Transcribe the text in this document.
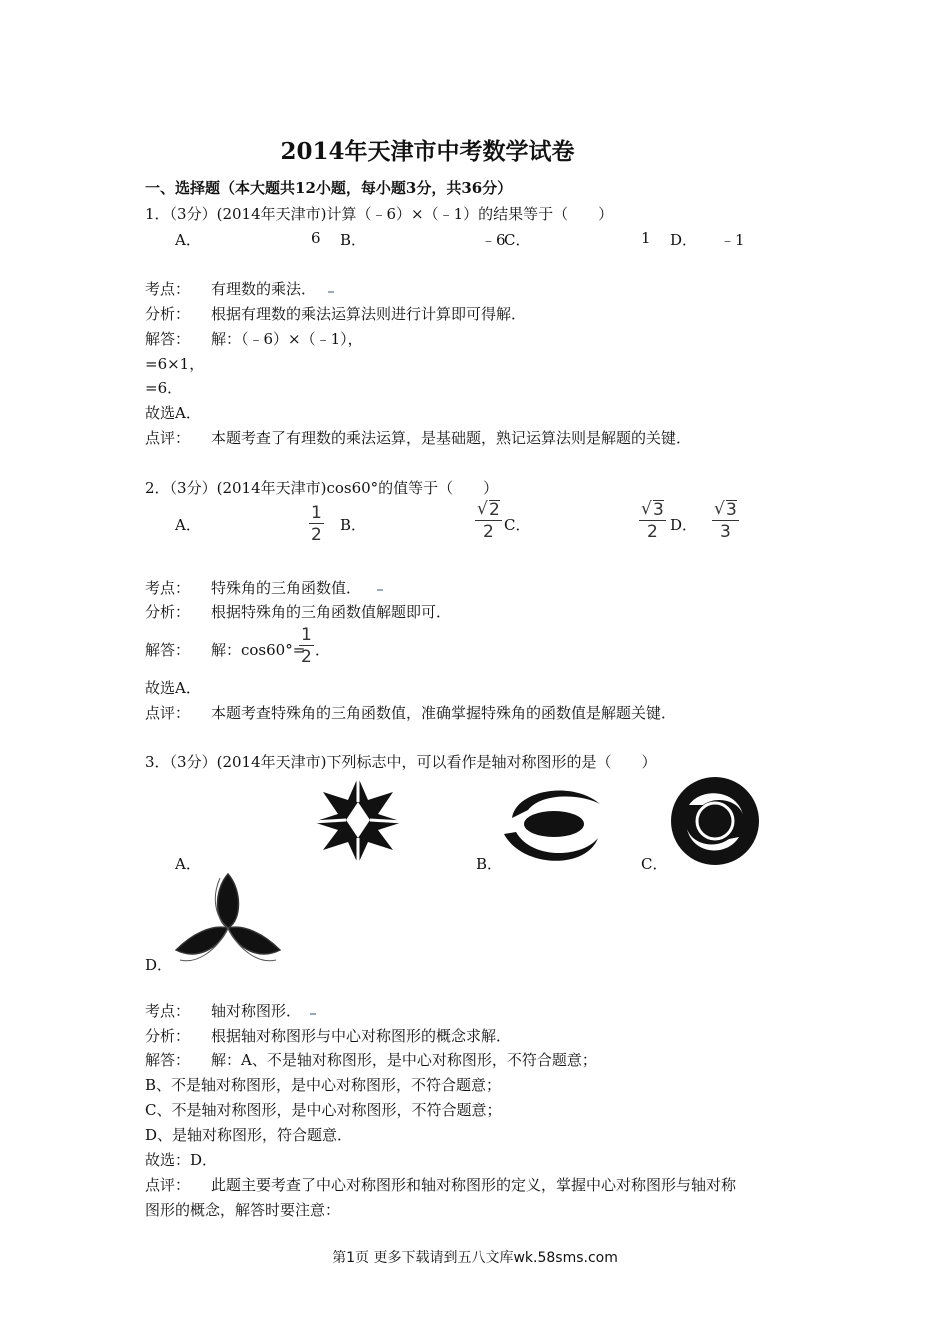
2014年天津市中考数学试卷
一、选择题（本大题共12小题，每小题3分，共36分）
1．（3分）(2014年天津市)计算（﹣6）×（﹣1）的结果等于（　　）
A．	6 B．	﹣6
C．	1 D． ﹣1
考点： 有理数的乘法．
分析： 根据有理数的乘法运算法则进行计算即可得解．
解答： 解：（﹣6）×（﹣1），
=6×1，
=6．
故选A．
点评： 本题考查了有理数的乘法运算，是基础题，熟记运算法则是解题的关键．
2．（3分）(2014年天津市)cos60°的值等于（　　）
A．	$\frac{1}{2}$ B．	√ $\frac{2}{2}$ C．	√ $\frac{3}{2}$ D． √ $\frac{3}{3}$
考点： 特殊角的三角函数值．
分析： 根据特殊角的三角函数值解题即可．
解答： 解：cos60°=
$\frac{1}{2}$ ．
故选A．
点评： 本题考查特殊角的三角函数值，准确掌握特殊角的函数值是解题关键．
3．（3分）(2014年天津市)下列标志中，可以看作是轴对称图形的是（　　）
A．	B．	C．
D．
考点： 轴对称图形．
分析： 根据轴对称图形与中心对称图形的概念求解．
解答： 解：A、不是轴对称图形，是中心对称图形，不符合题意；
B、不是轴对称图形，是中心对称图形，不符合题意；
C、不是轴对称图形，是中心对称图形，不符合题意；
D、是轴对称图形，符合题意．
故选：D．
点评： 此题主要考查了中心对称图形和轴对称图形的定义，掌握中心对称图形与轴对称
图形的概念，解答时要注意：
第1页 更多下载请到五八文库wk.58sms.com
